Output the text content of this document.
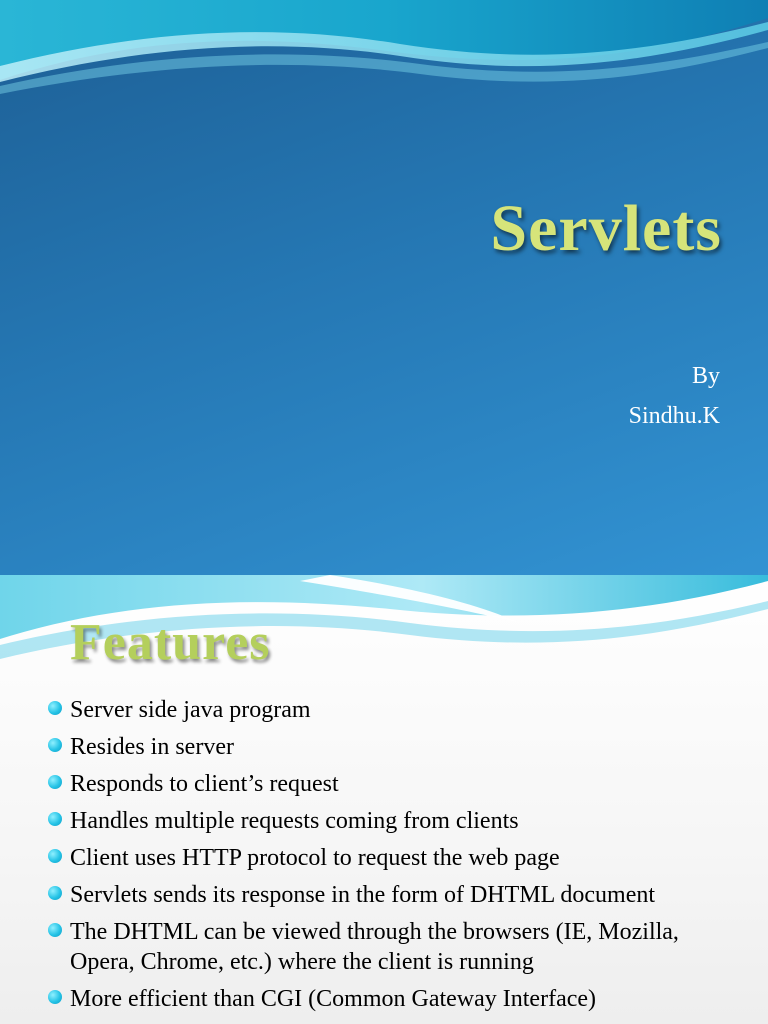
Servlets

By

Sindhu.K

Features
Server side java program
Resides in server
Responds to client’s request
Handles multiple requests coming from clients
Client uses HTTP protocol to request the web page
Servlets sends its response in the form of DHTML document
The DHTML can be viewed through the browsers (IE, Mozilla, Opera, Chrome, etc.) where the client is running
More efficient than CGI (Common Gateway Interface)
